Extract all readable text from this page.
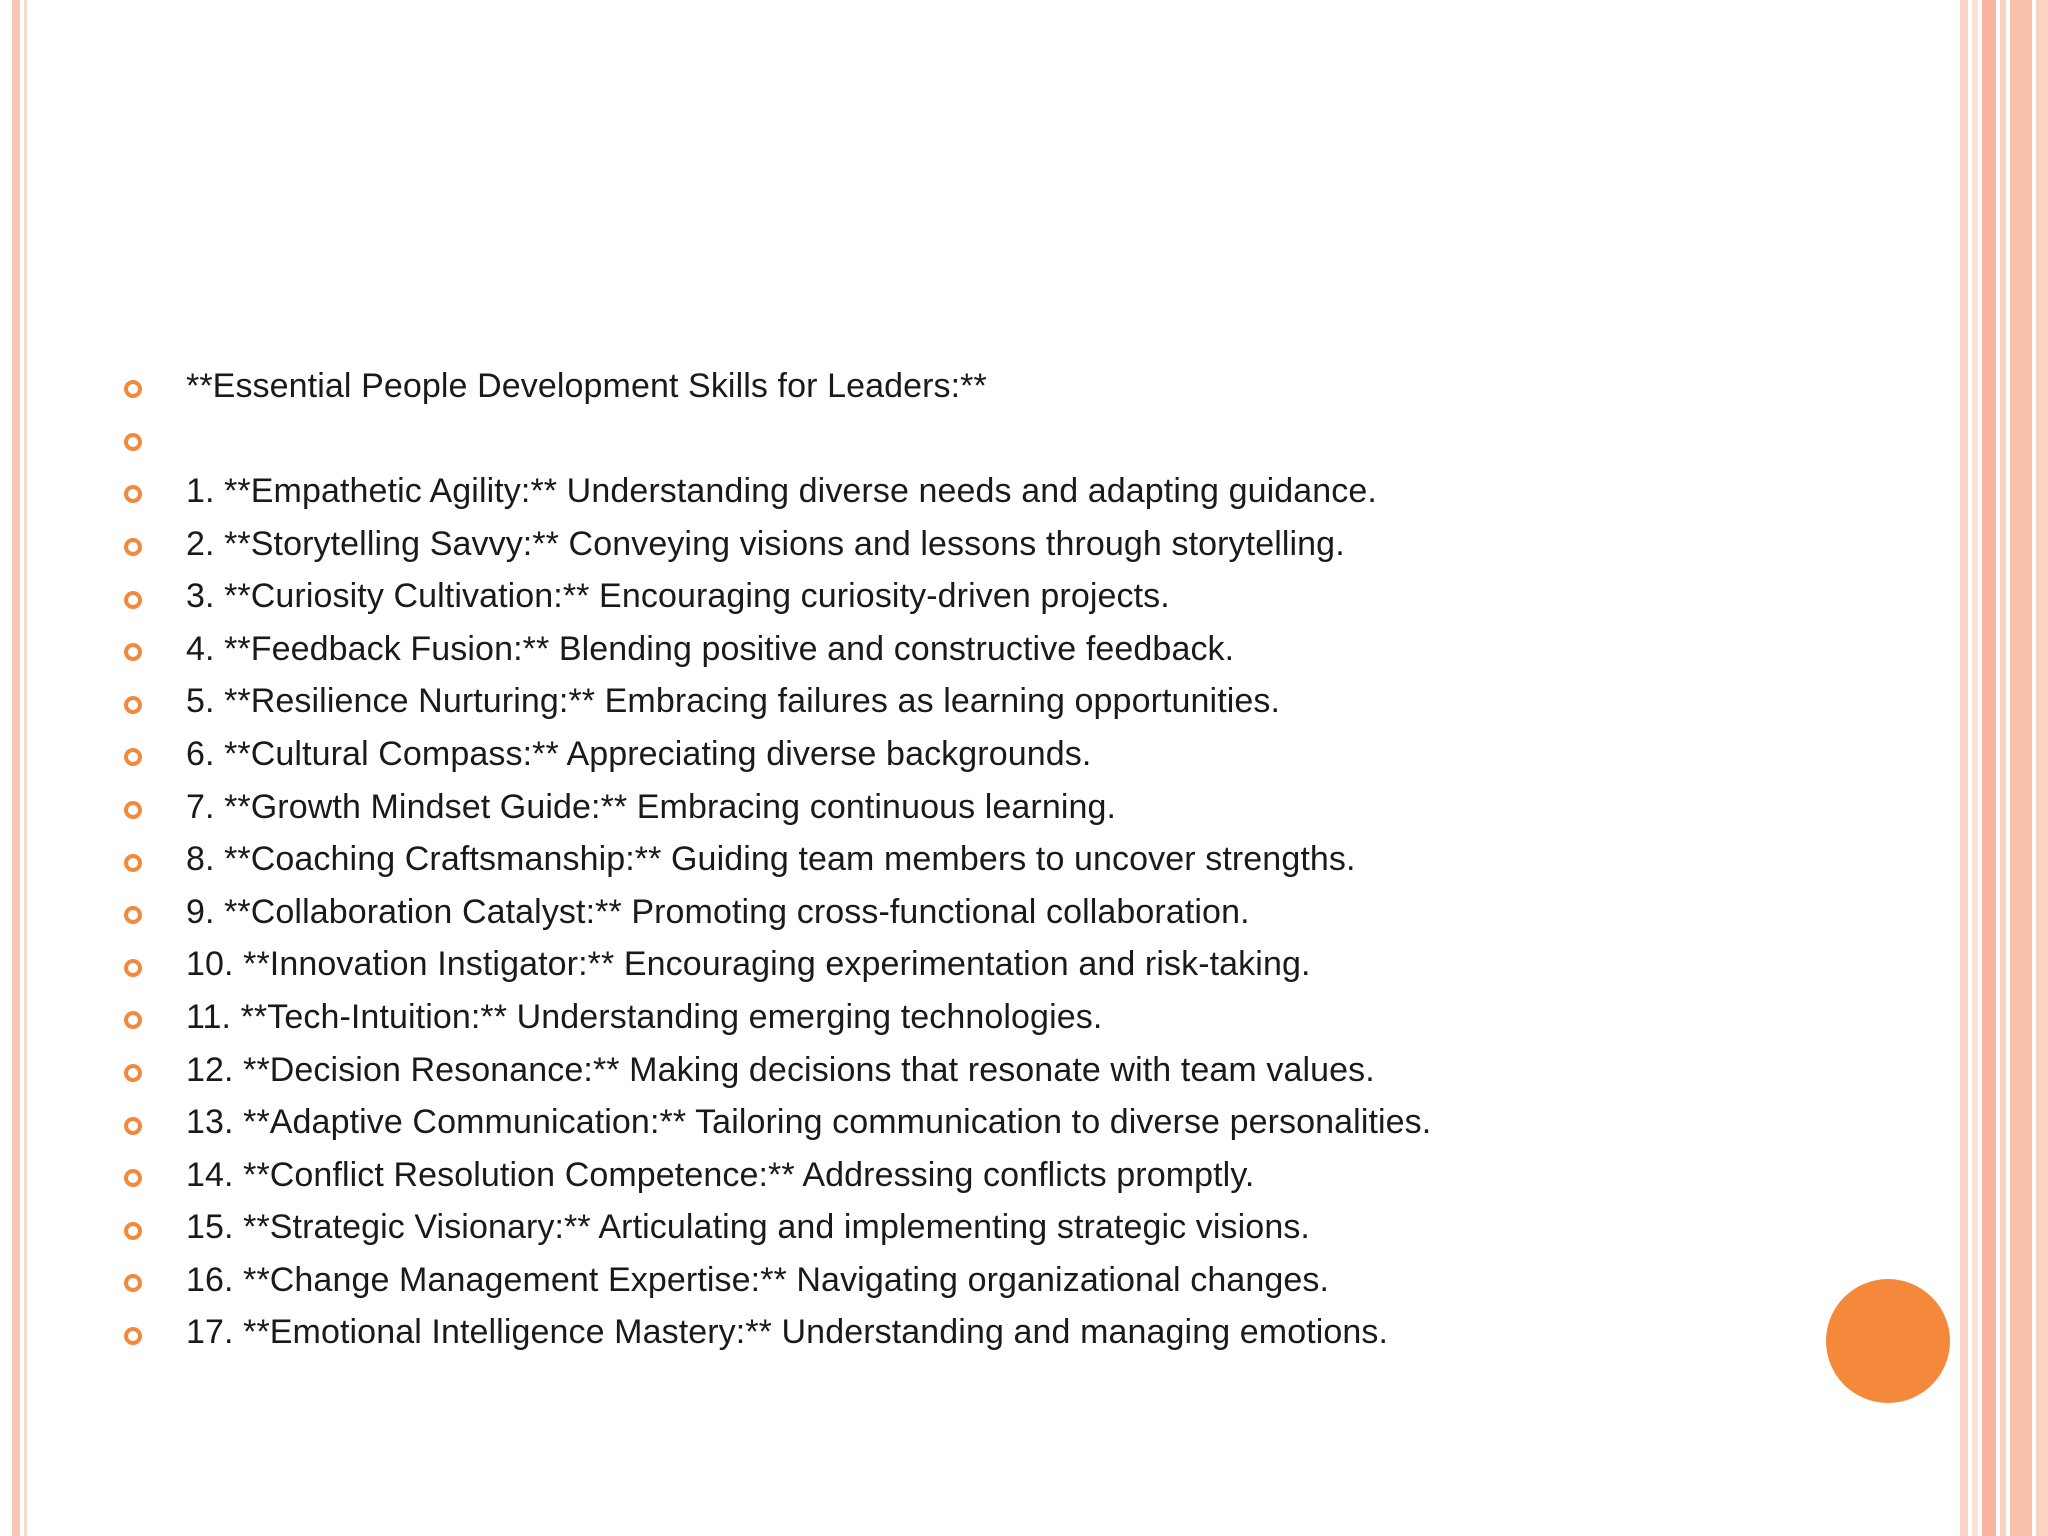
**Essential People Development Skills for Leaders:**
1. **Empathetic Agility:** Understanding diverse needs and adapting guidance.
2. **Storytelling Savvy:** Conveying visions and lessons through storytelling.
3. **Curiosity Cultivation:** Encouraging curiosity-driven projects.
4. **Feedback Fusion:** Blending positive and constructive feedback.
5. **Resilience Nurturing:** Embracing failures as learning opportunities.
6. **Cultural Compass:** Appreciating diverse backgrounds.
7. **Growth Mindset Guide:** Embracing continuous learning.
8. **Coaching Craftsmanship:** Guiding team members to uncover strengths.
9. **Collaboration Catalyst:** Promoting cross-functional collaboration.
10. **Innovation Instigator:** Encouraging experimentation and risk-taking.
11. **Tech-Intuition:** Understanding emerging technologies.
12. **Decision Resonance:** Making decisions that resonate with team values.
13. **Adaptive Communication:** Tailoring communication to diverse personalities.
14. **Conflict Resolution Competence:** Addressing conflicts promptly.
15. **Strategic Visionary:** Articulating and implementing strategic visions.
16. **Change Management Expertise:** Navigating organizational changes.
17. **Emotional Intelligence Mastery:** Understanding and managing emotions.
